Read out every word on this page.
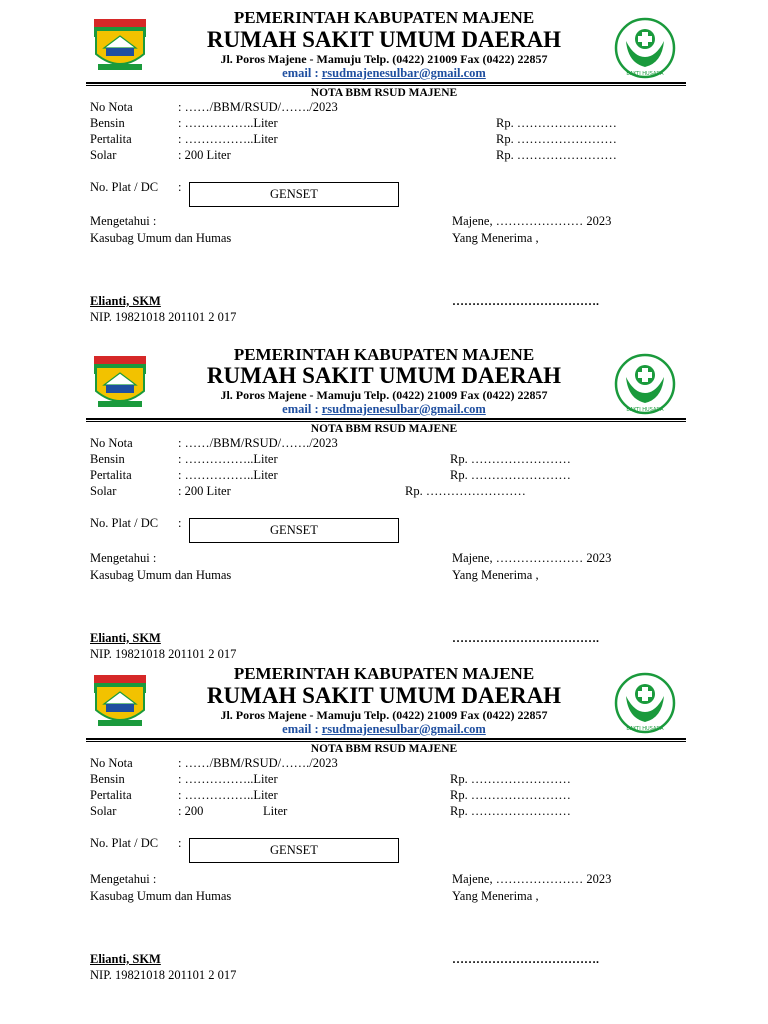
PEMERINTAH KABUPATEN MAJENE
RUMAH SAKIT UMUM DAERAH
Jl. Poros Majene - Mamuju Telp. (0422) 21009 Fax (0422) 22857
email : rsudmajenesulbar@gmail.com	BAKTI HUSADA
NOTA BBM RSUD MAJENE
No Nota	: ……/BBM/RSUD/……./2023
Bensin	: ……………..Liter	Rp. ……………………
Pertalita	: ……………..Liter	Rp. ……………………
Solar	: 200 Liter	Rp. ……………………
No. Plat / DC :	GENSET
Mengetahui :	Majene, ………………… 2023
Kasubag Umum dan Humas	Yang Menerima ,
Elianti, SKM	……………………………….
NIP. 19821018 201101 2 017
PEMERINTAH KABUPATEN MAJENE
RUMAH SAKIT UMUM DAERAH
Jl. Poros Majene - Mamuju Telp. (0422) 21009 Fax (0422) 22857
email : rsudmajenesulbar@gmail.com	BAKTI HUSADA
NOTA BBM RSUD MAJENE
No Nota	: ……/BBM/RSUD/……./2023
Bensin	: ……………..Liter	Rp. ……………………
Pertalita	: ……………..Liter	Rp. ……………………
Solar	: 200 Liter	Rp. ……………………
No. Plat / DC :	GENSET
Mengetahui :	Majene, ………………… 2023
Kasubag Umum dan Humas	Yang Menerima ,
Elianti, SKM	……………………………….
NIP. 19821018 201101 2 017
PEMERINTAH KABUPATEN MAJENE
RUMAH SAKIT UMUM DAERAH
Jl. Poros Majene - Mamuju Telp. (0422) 21009 Fax (0422) 22857
email : rsudmajenesulbar@gmail.com	BAKTI HUSADA
NOTA BBM RSUD MAJENE
No Nota	: ……/BBM/RSUD/……./2023
Bensin	: ……………..Liter	Rp. ……………………
Pertalita	: ……………..Liter	Rp. ……………………
Solar	: 200	Liter	Rp. ……………………
No. Plat / DC :	GENSET
Mengetahui :	Majene, ………………… 2023
Kasubag Umum dan Humas	Yang Menerima ,
Elianti, SKM	……………………………….
NIP. 19821018 201101 2 017
